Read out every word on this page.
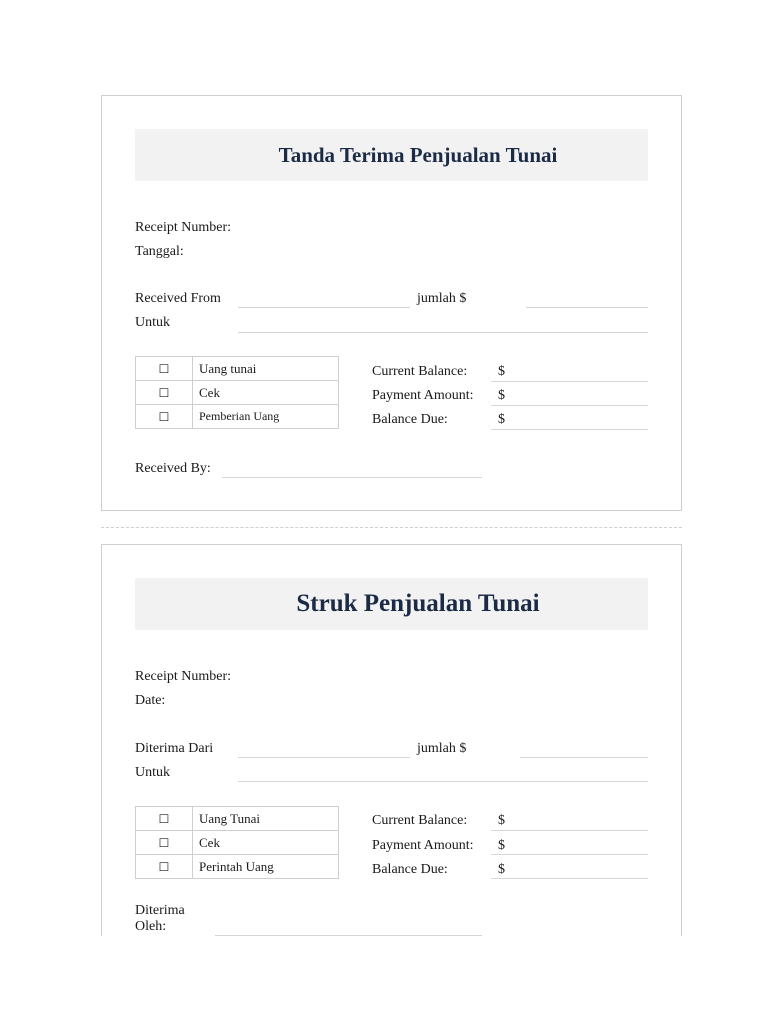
Tanda Terima Penjualan Tunai
Receipt Number:
Tanggal:
Received From	jumlah $
Untuk
☐	Uang tunai
☐	Cek
☐	Pemberian Uang
Current Balance: $
Payment Amount: $
Balance Due:	$
Received By:
Struk Penjualan Tunai
Receipt Number:
Date:
Diterima Dari	jumlah $
Untuk
☐	Uang Tunai
☐	Cek
☐	Perintah Uang
Current Balance: $
Payment Amount: $
Balance Due:	$
Diterima
Oleh:
